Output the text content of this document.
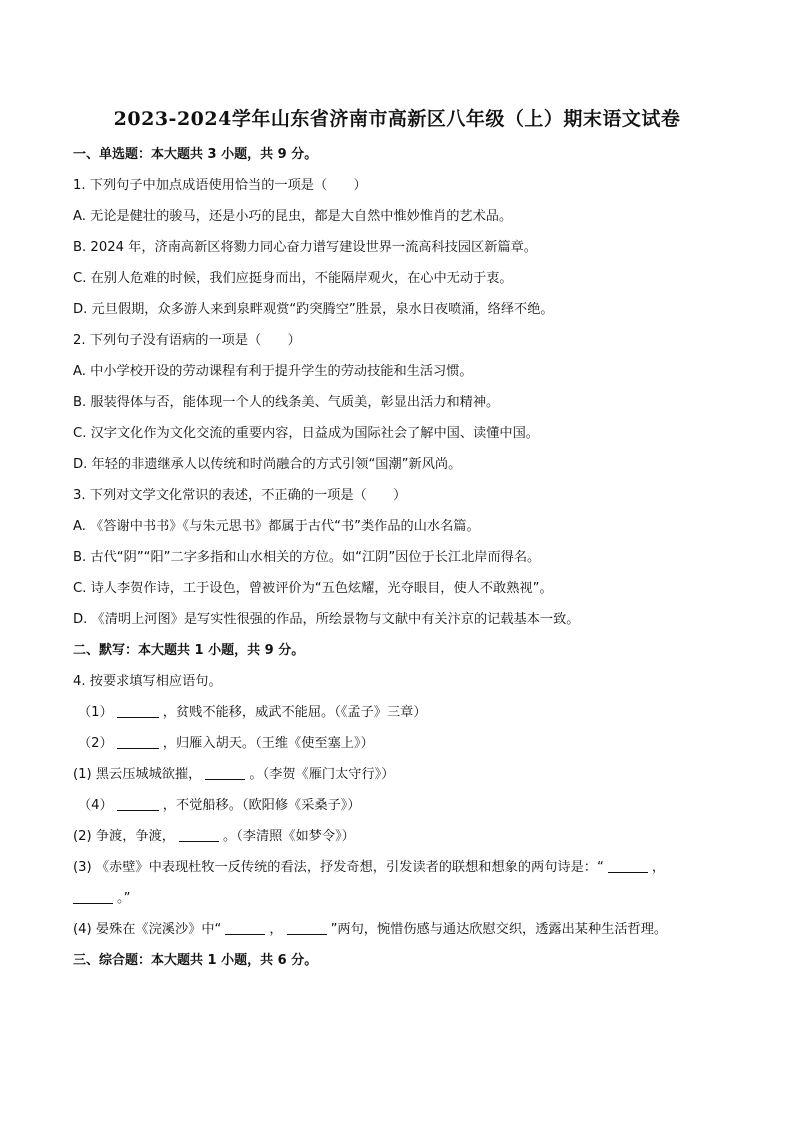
2023-2024学年山东省济南市高新区八年级（上）期末语文试卷
一、单选题：本大题共 3 小题，共 9 分。
1. 下列句子中加点成语使用恰当的一项是（　　）
A. 无论是健壮的骏马，还是小巧的昆虫，都是大自然中惟妙惟肖的艺术品。
B. 2024 年，济南高新区将勠力同心奋力谱写建设世界一流高科技园区新篇章。
C. 在别人危难的时候，我们应挺身而出，不能隔岸观火，在心中无动于衷。
D. 元旦假期，众多游人来到泉畔观赏“趵突腾空”胜景，泉水日夜喷涌，络绎不绝。
2. 下列句子没有语病的一项是（　　）
A. 中小学校开设的劳动课程有利于提升学生的劳动技能和生活习惯。
B. 服装得体与否，能体现一个人的线条美、气质美，彰显出活力和精神。
C. 汉字文化作为文化交流的重要内容，日益成为国际社会了解中国、读懂中国。
D. 年轻的非遗继承人以传统和时尚融合的方式引领“国潮”新风尚。
3. 下列对文学文化常识的表述，不正确的一项是（　　）
A. 《答谢中书书》《与朱元思书》都属于古代“书”类作品的山水名篇。
B. 古代“阴”“阳”二字多指和山水相关的方位。如“江阴”因位于长江北岸而得名。
C. 诗人李贺作诗，工于设色，曾被评价为“五色炫耀，光夺眼目，使人不敢熟视”。
D. 《清明上河图》是写实性很强的作品，所绘景物与文献中有关汴京的记载基本一致。
二、默写：本大题共 1 小题，共 9 分。
4. 按要求填写相应语句。
（1）	，贫贱不能移，威武不能屈。（《孟子》三章）
（2）	，归雁入胡天。（王维《使至塞上》）
(1) 黑云压城城欲摧，	。（李贺《雁门太守行》）
（4）	，不觉船移。（欧阳修《采桑子》）
(2) 争渡，争渡，	。（李清照《如梦令》）
(3) 《赤壁》中表现杜牧一反传统的看法，抒发奇想，引发读者的联想和想象的两句诗是：“	，
。”
(4) 晏殊在《浣溪沙》中“	，	”两句，惋惜伤感与通达欣慰交织，透露出某种生活哲理。
三、综合题：本大题共 1 小题，共 6 分。
